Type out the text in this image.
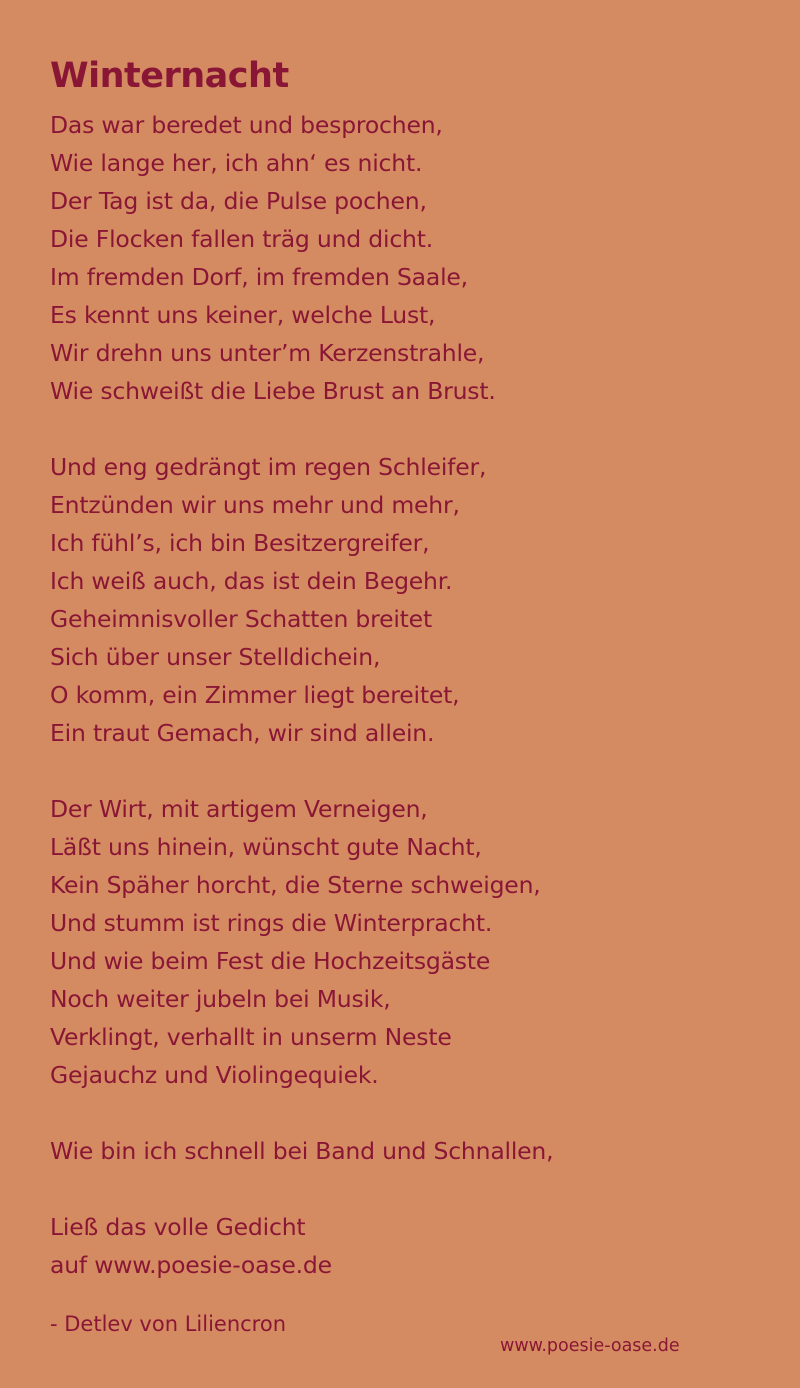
Winternacht
Das war beredet und besprochen,
Wie lange her, ich ahn‘ es nicht.
Der Tag ist da, die Pulse pochen,
Die Flocken fallen träg und dicht.
Im fremden Dorf, im fremden Saale,
Es kennt uns keiner, welche Lust,
Wir drehn uns unter’m Kerzenstrahle,
Wie schweißt die Liebe Brust an Brust.
Und eng gedrängt im regen Schleifer,
Entzünden wir uns mehr und mehr,
Ich fühl’s, ich bin Besitzergreifer,
Ich weiß auch, das ist dein Begehr.
Geheimnisvoller Schatten breitet
Sich über unser Stelldichein,
O komm, ein Zimmer liegt bereitet,
Ein traut Gemach, wir sind allein.
Der Wirt, mit artigem Verneigen,
Läßt uns hinein, wünscht gute Nacht,
Kein Späher horcht, die Sterne schweigen,
Und stumm ist rings die Winterpracht.
Und wie beim Fest die Hochzeitsgäste
Noch weiter jubeln bei Musik,
Verklingt, verhallt in unserm Neste
Gejauchz und Violingequiek.
Wie bin ich schnell bei Band und Schnallen,
Ließ das volle Gedicht
auf www.poesie-oase.de
- Detlev von Liliencron
www.poesie-oase.de
